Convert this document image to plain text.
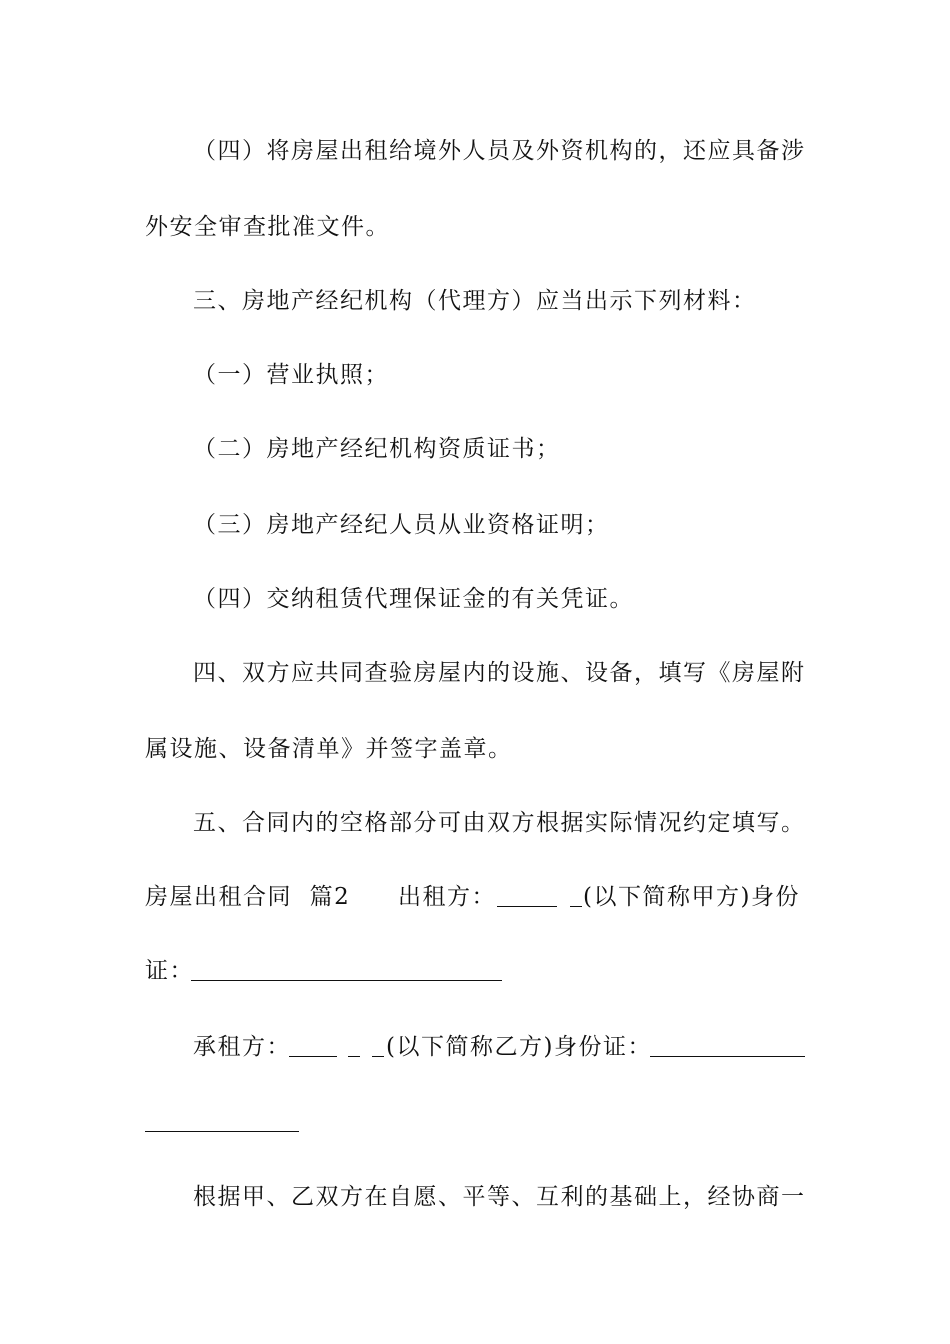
（四）将房屋出租给境外人员及外资机构的，还应具备涉
外安全审查批准文件。
三、房地产经纪机构（代理方）应当出示下列材料：
（一）营业执照；
（二）房地产经纪机构资质证书；
（三）房地产经纪人员从业资格证明；
（四）交纳租赁代理保证金的有关凭证。
四、双方应共同查验房屋内的设施、设备，填写《房屋附
属设施、设备清单》并签字盖章。
五、合同内的空格部分可由双方根据实际情况约定填写。
房屋出租合同  篇2 出租方：	(以下简称甲方)身份
证：
承租方：	(以下简称乙方)身份证：
根据甲、乙双方在自愿、平等、互利的基础上，经协商一
